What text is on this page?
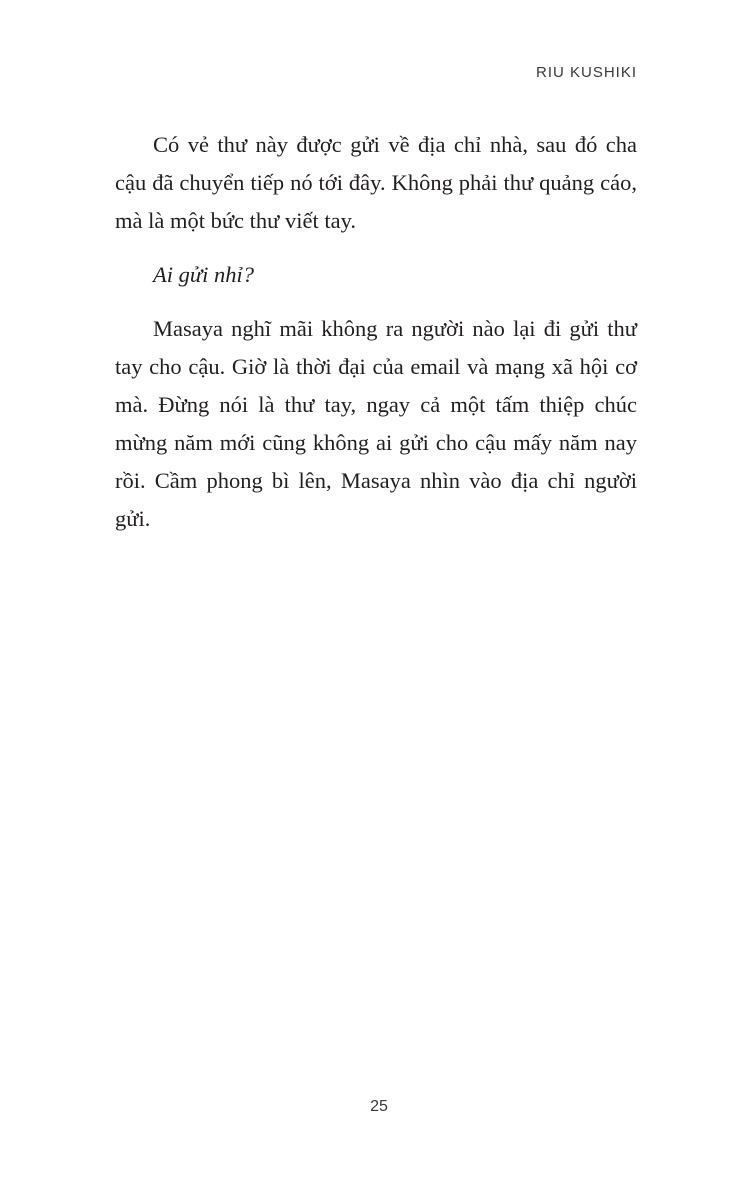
RIU KUSHIKI

Có vẻ thư này được gửi về địa chỉ nhà, sau đó cha cậu đã chuyển tiếp nó tới đây. Không phải thư quảng cáo, mà là một bức thư viết tay.

Ai gửi nhỉ?

Masaya nghĩ mãi không ra người nào lại đi gửi thư tay cho cậu. Giờ là thời đại của email và mạng xã hội cơ mà. Đừng nói là thư tay, ngay cả một tấm thiệp chúc mừng năm mới cũng không ai gửi cho cậu mấy năm nay rồi. Cầm phong bì lên, Masaya nhìn vào địa chỉ người gửi.

25
